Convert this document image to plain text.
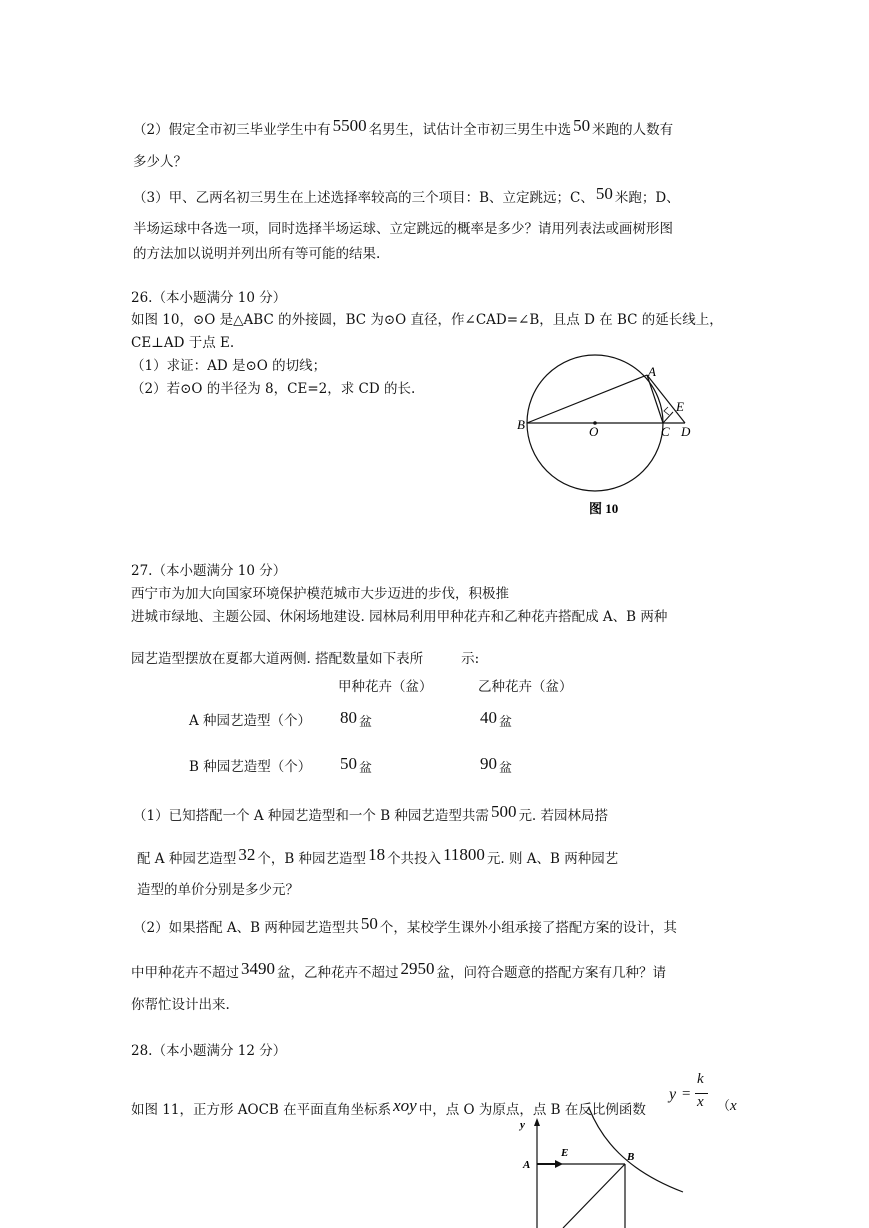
（2）假定全市初三毕业学生中有 5500 名男生，试估计全市初三男生中选 50 米跑的人数有
多少人？
（3）甲、乙两名初三男生在上述选择率较高的三个项目：B、立定跳远；C、 50 米跑；D、
半场运球中各选一项，同时选择半场运球、立定跳远的概率是多少？请用列表法或画树形图
的方法加以说明并列出所有等可能的结果.
26.（本小题满分 10 分）
如图 10，⊙O 是△ABC 的外接圆，BC 为⊙O 直径，作∠CAD=∠B，且点 D 在 BC 的延长线上，
CE⊥AD 于点 E.
（1）求证：AD 是⊙O 的切线；
（2）若⊙O 的半径为 8，CE=2，求 CD 的长.
A
B	C D
E
O
图 10
27.（本小题满分 10 分）
西宁市为加大向国家环境保护模范城市大步迈进的步伐，积极推
进城市绿地、主题公园、休闲场地建设. 园林局利用甲种花卉和乙种花卉搭配成 A、B 两种
园艺造型摆放在夏都大道两侧. 搭配数量如下表所	示:
甲种花卉（盆）	乙种花卉（盆）
A 种园艺造型（个） 80 盆	40 盆
B 种园艺造型（个） 50 盆	90 盆
（1）已知搭配一个 A 种园艺造型和一个 B 种园艺造型共需 500 元. 若园林局搭
配 A 种园艺造型 32 个，B 种园艺造型 18 个共投入 11800 元. 则 A、B 两种园艺
造型的单价分别是多少元？
（2）如果搭配 A、B 两种园艺造型共 50 个，某校学生课外小组承接了搭配方案的设计，其
中甲种花卉不超过 3490 盆，乙种花卉不超过 2950 盆，问符合题意的搭配方案有几种？请
你帮忙设计出来.
28.（本小题满分 12 分）
如图 11，正方形 AOCB 在平面直角坐标系 xoy 中，点 O 为原点，点 B 在反比例函数
y =
k
x （x
y
A
E	B
